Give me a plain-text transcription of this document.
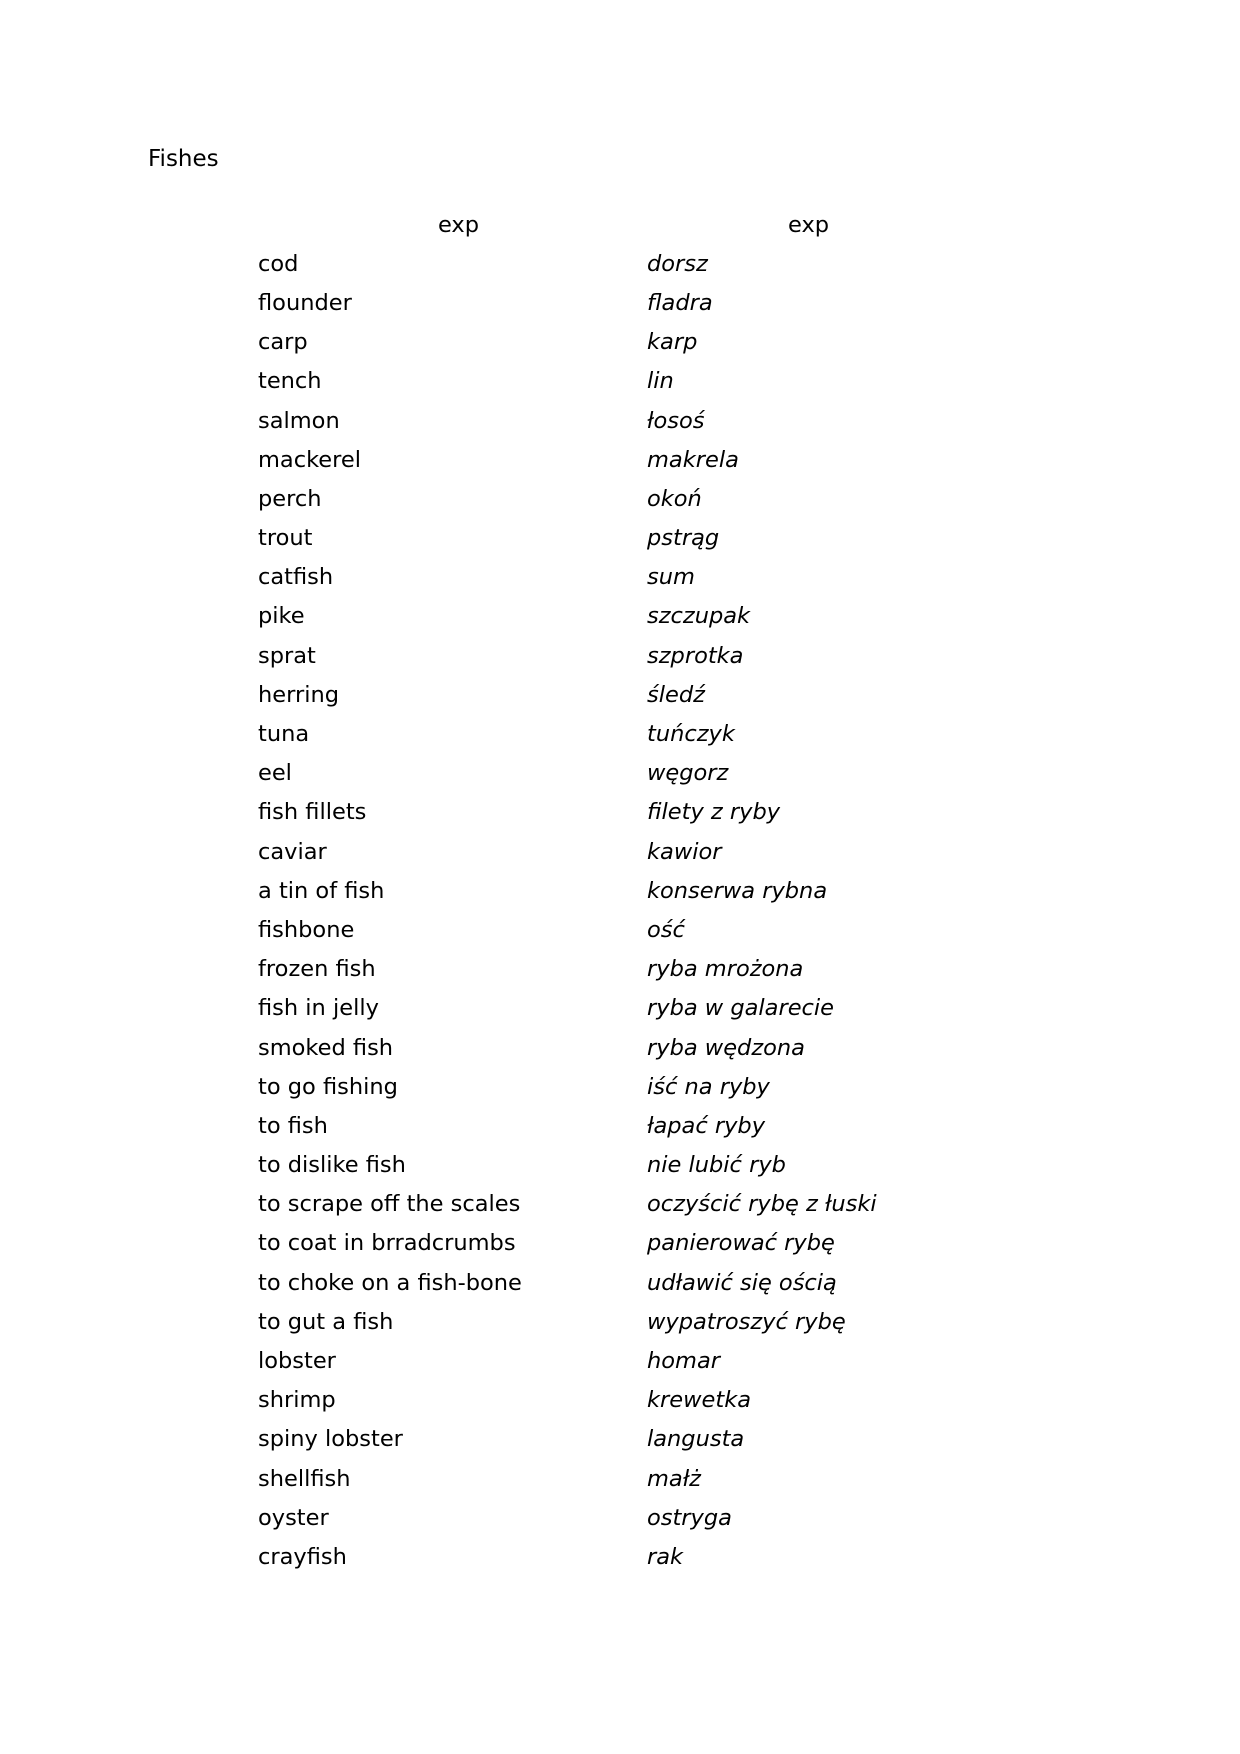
Fishes
exp	exp
cod	dorsz
flounder	fladra
carp	karp
tench	lin
salmon	łosoś
mackerel	makrela
perch	okoń
trout	pstrąg
catfish	sum
pike	szczupak
sprat	szprotka
herring	śledź
tuna	tuńczyk
eel	węgorz
fish fillets	filety z ryby
caviar	kawior
a tin of fish	konserwa rybna
fishbone	ość
frozen fish	ryba mrożona
fish in jelly	ryba w galarecie
smoked fish	ryba wędzona
to go fishing	iść na ryby
to fish	łapać ryby
to dislike fish	nie lubić ryb
to scrape off the scales	oczyścić rybę z łuski
to coat in brradcrumbs	panierować rybę
to choke on a fish-bone	udławić się ością
to gut a fish	wypatroszyć rybę
lobster	homar
shrimp	krewetka
spiny lobster	langusta
shellfish	małż
oyster	ostryga
crayfish	rak
